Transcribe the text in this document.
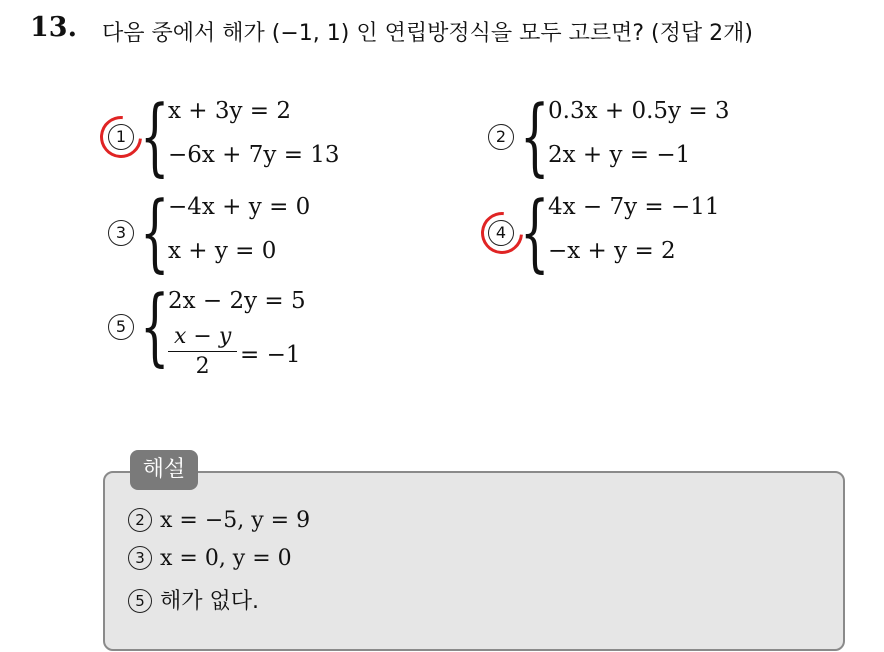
13. 다음 중에서 해가 (−1, 1) 인 연립방정식을 모두 고르면? (정답 2개)
1 {
x + 3y = 2
−6x + 7y = 13
2 {
0.3x + 0.5y = 3
2x + y = −1
3 {
−4x + y = 0
x + y = 0
4 {
4x − 7y = −11
−x + y = 2
5 {
2x − 2y = 5
$\frac{x - y}{2} = -1$
해설
2 x = −5, y = 9
3 x = 0, y = 0
5 해가 없다.
